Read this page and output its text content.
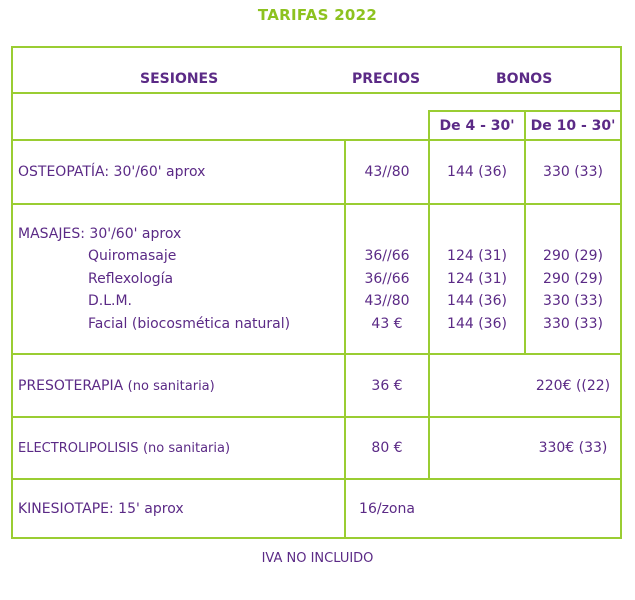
TARIFAS 2022
SESIONES	PRECIOS	BONOS
De 4 - 30'	De 10 - 30'
OSTEOPATÍA: 30'/60' aprox	43//80	144 (36)	330 (33)
MASAJES: 30'/60' aprox
Quiromasaje	36//66	124 (31)	290 (29)
Reflexología	36//66	124 (31)	290 (29)
D.L.M.	43//80	144 (36)	330 (33)
Facial (biocosmética natural)	43 €	144 (36)	330 (33)
PRESOTERAPIA (no sanitaria)	36 €	220€ ((22)
ELECTROLIPOLISIS (no sanitaria)	80 €	330€ (33)
KINESIOTAPE: 15' aprox	16/zona
IVA NO INCLUIDO
